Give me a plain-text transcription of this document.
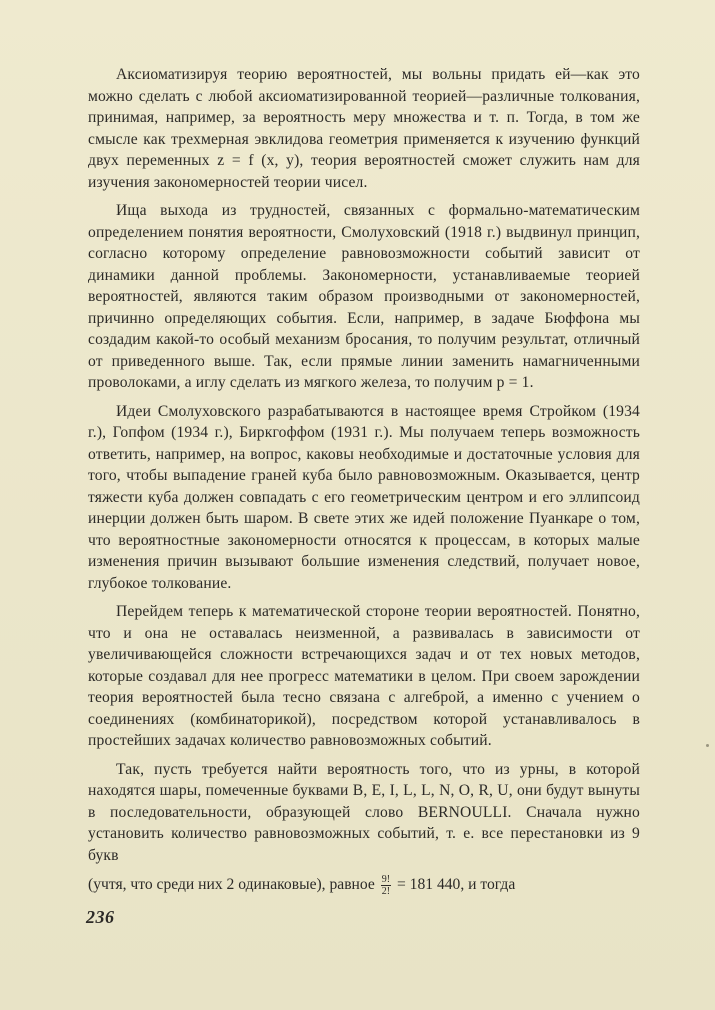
Аксиоматизируя теорию вероятностей, мы вольны придать ей—как это можно сделать с любой аксиоматизированной теорией—различные толкования, принимая, например, за вероятность меру множества и т. п. Тогда, в том же смысле как трехмерная эвклидова геометрия применяется к изучению функций двух переменных z = f (x, y), теория вероятностей сможет служить нам для изучения закономерностей теории чисел.

Ища выхода из трудностей, связанных с формально-математическим определением понятия вероятности, Смолуховский (1918 г.) выдвинул принцип, согласно которому определение равновозможности событий зависит от динамики данной проблемы. Закономерности, устанавливаемые теорией вероятностей, являются таким образом производными от закономерностей, причинно определяющих события. Если, например, в задаче Бюффона мы создадим какой-то особый механизм бросания, то получим результат, отличный от приведенного выше. Так, если прямые линии заменить намагниченными проволоками, а иглу сделать из мягкого железа, то получим p = 1.

Идеи Смолуховского разрабатываются в настоящее время Стройком (1934 г.), Гопфом (1934 г.), Биркгоффом (1931 г.). Мы получаем теперь возможность ответить, например, на вопрос, каковы необходимые и достаточные условия для того, чтобы выпадение граней куба было равновозможным. Оказывается, центр тяжести куба должен совпадать с его геометрическим центром и его эллипсоид инерции должен быть шаром. В свете этих же идей положение Пуанкаре о том, что вероятностные закономерности относятся к процессам, в которых малые изменения причин вызывают большие изменения следствий, получает новое, глубокое толкование.

Перейдем теперь к математической стороне теории вероятностей. Понятно, что и она не оставалась неизменной, а развивалась в зависимости от увеличивающейся сложности встречающихся задач и от тех новых методов, которые создавал для нее прогресс математики в целом. При своем зарождении теория вероятностей была тесно связана с алгеброй, а именно с учением о соединениях (комбинаторикой), посредством которой устанавливалось в простейших задачах количество равновозможных событий.

Так, пусть требуется найти вероятность того, что из урны, в которой находятся шары, помеченные буквами B, E, I, L, L, N, O, R, U, они будут вынуты в последовательности, образующей слово BERNOULLI. Сначала нужно установить количество равновозможных событий, т. е. все перестановки из 9 букв

(учтя, что среди них 2 одинаковые), равное $\frac{9!}{2!} = 181$ 440, и тогда
236
